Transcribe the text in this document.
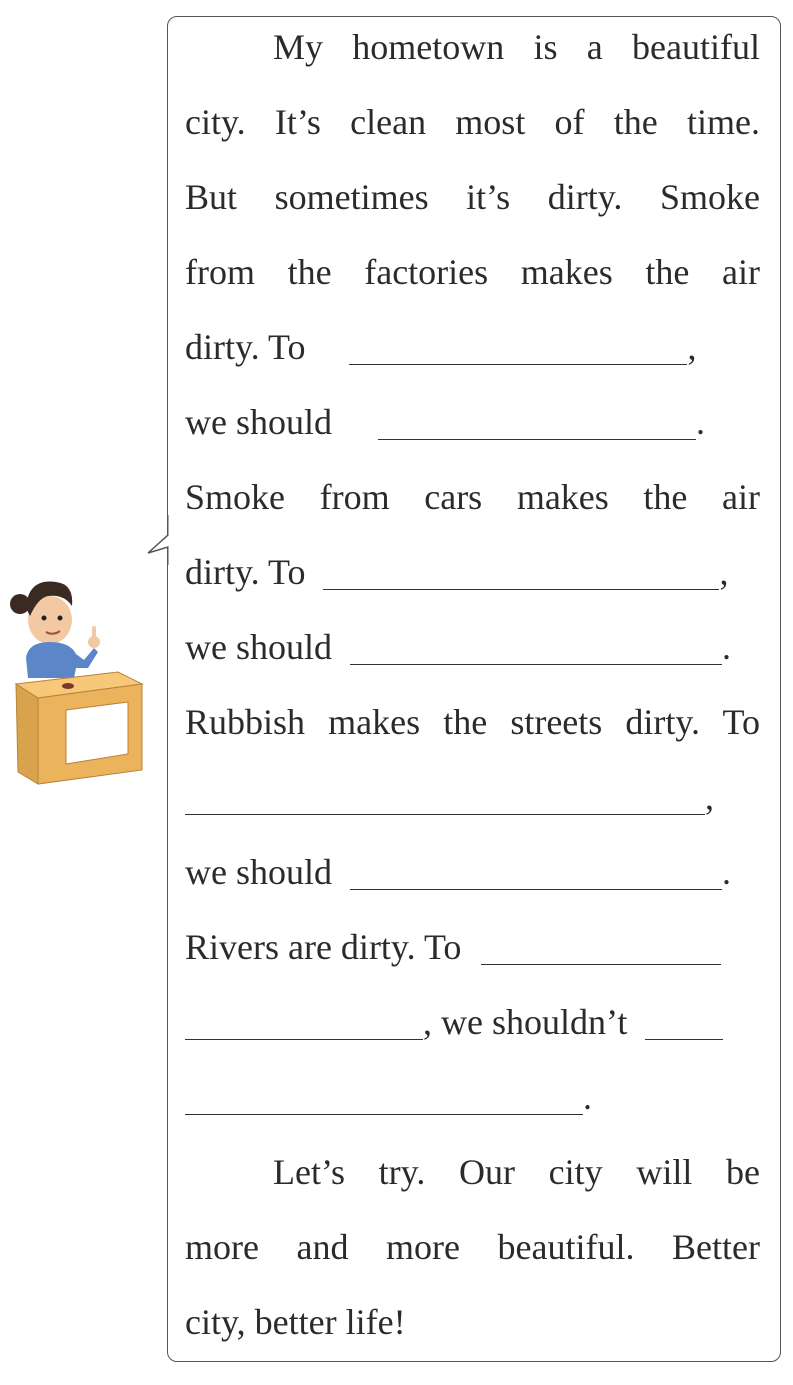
My hometown is a beautiful
city. It’s clean most of the time.
But sometimes it’s dirty. Smoke
from the factories makes the air
dirty. To	,
we should	.
Smoke from cars makes the air
dirty. To	,
we should	.
Rubbish makes the streets dirty. To
,
we should	.
Rivers are dirty. To
, we shouldn’t
.
Let’s try. Our city will be
more and more beautiful. Better
city, better life!
